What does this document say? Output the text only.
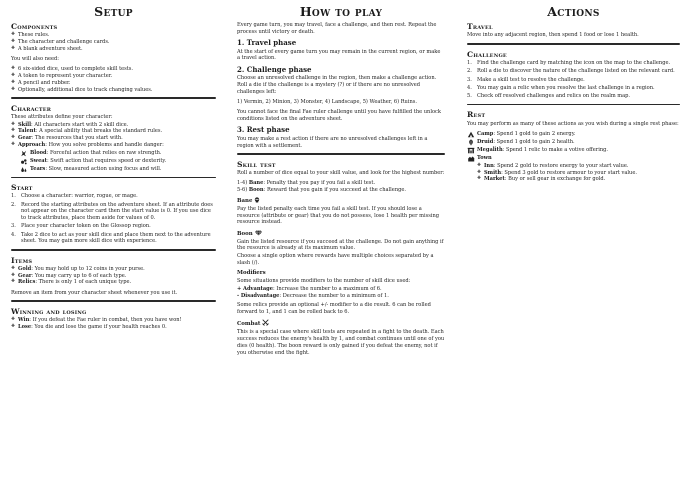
Setup
Components
❖ These rules.
❖ The character and challenge cards.
❖ A blank adventure sheet.

You will also need:

❖ 6 six-sided dice, used to complete skill tests.
❖ A token to represent your character.
❖ A pencil and rubber.
❖ Optionally, additional dice to track changing values.
Character

These attributes define your character:

❖ Skill: All characters start with 2 skill dice.
❖ Talent: A special ability that breaks the standard rules.
❖ Gear: The resources that you start with.
❖ Approach: How you solve problems and handle danger:
Blood: Forceful action that relies on raw strength.
Sweat: Swift action that requires speed or dexterity.
Tears: Slow, measured action using focus and will.
Start
1.	Choose a character: warrior, rogue, or mage.
2.	Record the starting attributes on the adventure sheet. If an attribute does not appear on the character card then the start value is 0. If you use dice to track attributes, place them aside for values of 0.
3.	Place your character token on the Glossop region.
4.	Take 2 dice to act as your skill dice and place them next to the adventure sheet. You may gain more skill dice with experience.
Items
❖ Gold: You may hold up to 12 coins in your purse.
❖ Gear: You may carry up to 6 of each type.
❖ Relics: There is only 1 of each unique type.

Remove an item from your character sheet whenever you use it.

Winning and losing
❖ Win: If you defeat the Fae ruler in combat, then you have won!
❖ Lose: You die and lose the game if your health reaches 0.
How to play

Every game turn, you may travel, face a challenge, and then rest. Repeat the process until victory or death.

1. Travel phase

At the start of every game turn you may remain in the current region, or make a travel action.

2. Challenge phase

Choose an unresolved challenge in the region, then make a challenge action. Roll a die if the challenge is a mystery (?) or if there are no unresolved challenges left:

1) Vermin, 2) Minion, 3) Monster, 4) Landscape, 5) Weather, 6) Ruins.

You cannot face the final Fae ruler challenge until you have fulfilled the unlock conditions listed on the adventure sheet.

3. Rest phase

You may make a rest action if there are no unresolved challenges left in a region with a settlement.

Skill test

Roll a number of dice equal to your skill value, and look for the highest number:

1-4) Bane: Penalty that you pay if you fail a skill test.
5-6) Boon: Reward that you gain if you succeed at the challenge.
Bane

Pay the listed penalty each time you fail a skill test. If you should lose a resource (attribute or gear) that you do not possess, lose 1 health per missing resource instead.

Boon

Gain the listed resource if you succeed at the challenge. Do not gain anything if the resource is already at its maximum value.

Choose a single option where rewards have multiple choices separated by a slash (/).

Modifiers

Some situations provide modifiers to the number of skill dice used:

+ Advantage: Increase the number to a maximum of 6.
- Disadvantage: Decrease the number to a minimum of 1.

Some relics provide an optional +/- modifier to a die result. 6 can be rolled forward to 1, and 1 can be rolled back to 6.

Combat

This is a special case where skill tests are repeated in a fight to the death. Each success reduces the enemy's health by 1, and combat continues until one of you dies (0 health). The boon reward is only gained if you defeat the enemy, not if you otherwise end the fight.

Actions
Travel

Move into any adjacent region, then spend 1 food or lose 1 health.

Challenge
1.	Find the challenge card by matching the icon on the map to the challenge.
2.	Roll a die to discover the nature of the challenge listed on the relevant card.
3.	Make a skill test to resolve the challenge.
4.	You may gain a relic when you resolve the last challenge in a region.
5.	Check off resolved challenges and relics on the realm map.
Rest

You may perform as many of these actions as you wish during a single rest phase:

Camp: Spend 1 gold to gain 2 energy.
Druid: Spend 1 gold to gain 2 health.
Megalith: Spend 1 relic to make a votive offering.
Town
❖ Inn: Spend 2 gold to restore energy to your start value.
❖ Smith: Spend 3 gold to restore armour to your start value.
❖ Market: Buy or sell gear in exchange for gold.
